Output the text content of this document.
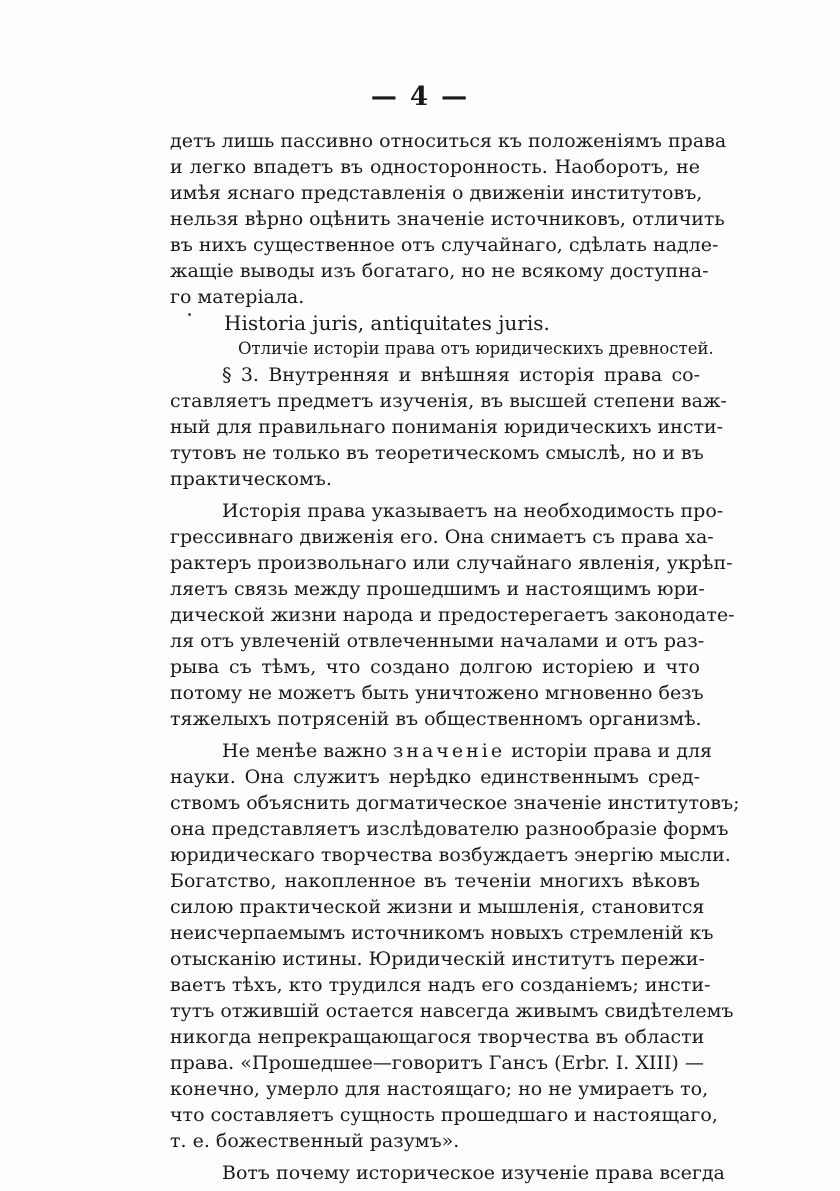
— 4 —
детъ лишь пассивно относиться къ положеніямъ права
и легко впадетъ въ односторонность. Наоборотъ, не
имѣя яснаго представленія о движеніи институтовъ,
нельзя вѣрно оцѣнить значеніе источниковъ, отличить
въ нихъ существенное отъ случайнаго, сдѣлать надле-
жащіе выводы изъ богатаго, но не всякому доступна-
го матеріала.
Historia juris, antiquitates juris.
Отличіе исторіи права отъ юридическихъ древностей.
§ 3. Внутренняя и внѣшняя исторія права со-
ставляетъ предметъ изученія, въ высшей степени важ-
ный для правильнаго пониманія юридическихъ инсти-
тутовъ не только въ теоретическомъ смыслѣ, но и въ
практическомъ.
Исторія права указываетъ на необходимость про-
грессивнаго движенія его. Она снимаетъ съ права ха-
рактеръ произвольнаго или случайнаго явленія, укрѣп-
ляетъ связь между прошедшимъ и настоящимъ юри-
дической жизни народа и предостерегаетъ законодате-
ля отъ увлеченій отвлеченными началами и отъ раз-
рыва съ тѣмъ, что создано долгою исторіею и что
потому не можетъ быть уничтожено мгновенно безъ
тяжелыхъ потрясеній въ общественномъ организмѣ.
Не менѣе важно значеніе исторіи права и для
науки. Она служитъ нерѣдко единственнымъ сред-
ствомъ объяснить догматическое значеніе институтовъ;
она представляетъ изслѣдователю разнообразіе формъ
юридическаго творчества возбуждаетъ энергію мысли.
Богатство, накопленное въ теченіи многихъ вѣковъ
силою практической жизни и мышленія, становится
неисчерпаемымъ источникомъ новыхъ стремленій къ
отысканію истины. Юридическій институтъ пережи-
ваетъ тѣхъ, кто трудился надъ его созданіемъ; инсти-
тутъ отжившій остается навсегда живымъ свидѣтелемъ
никогда непрекращающагося творчества въ области
права. «Прошедшее—говоритъ Гансъ (Erbr. I. XIII) —
конечно, умерло для настоящаго; но не умираетъ то,
что составляетъ сущность прошедшаго и настоящаго,
т. е. божественный разумъ».
Вотъ почему историческое изученіе права всегда
